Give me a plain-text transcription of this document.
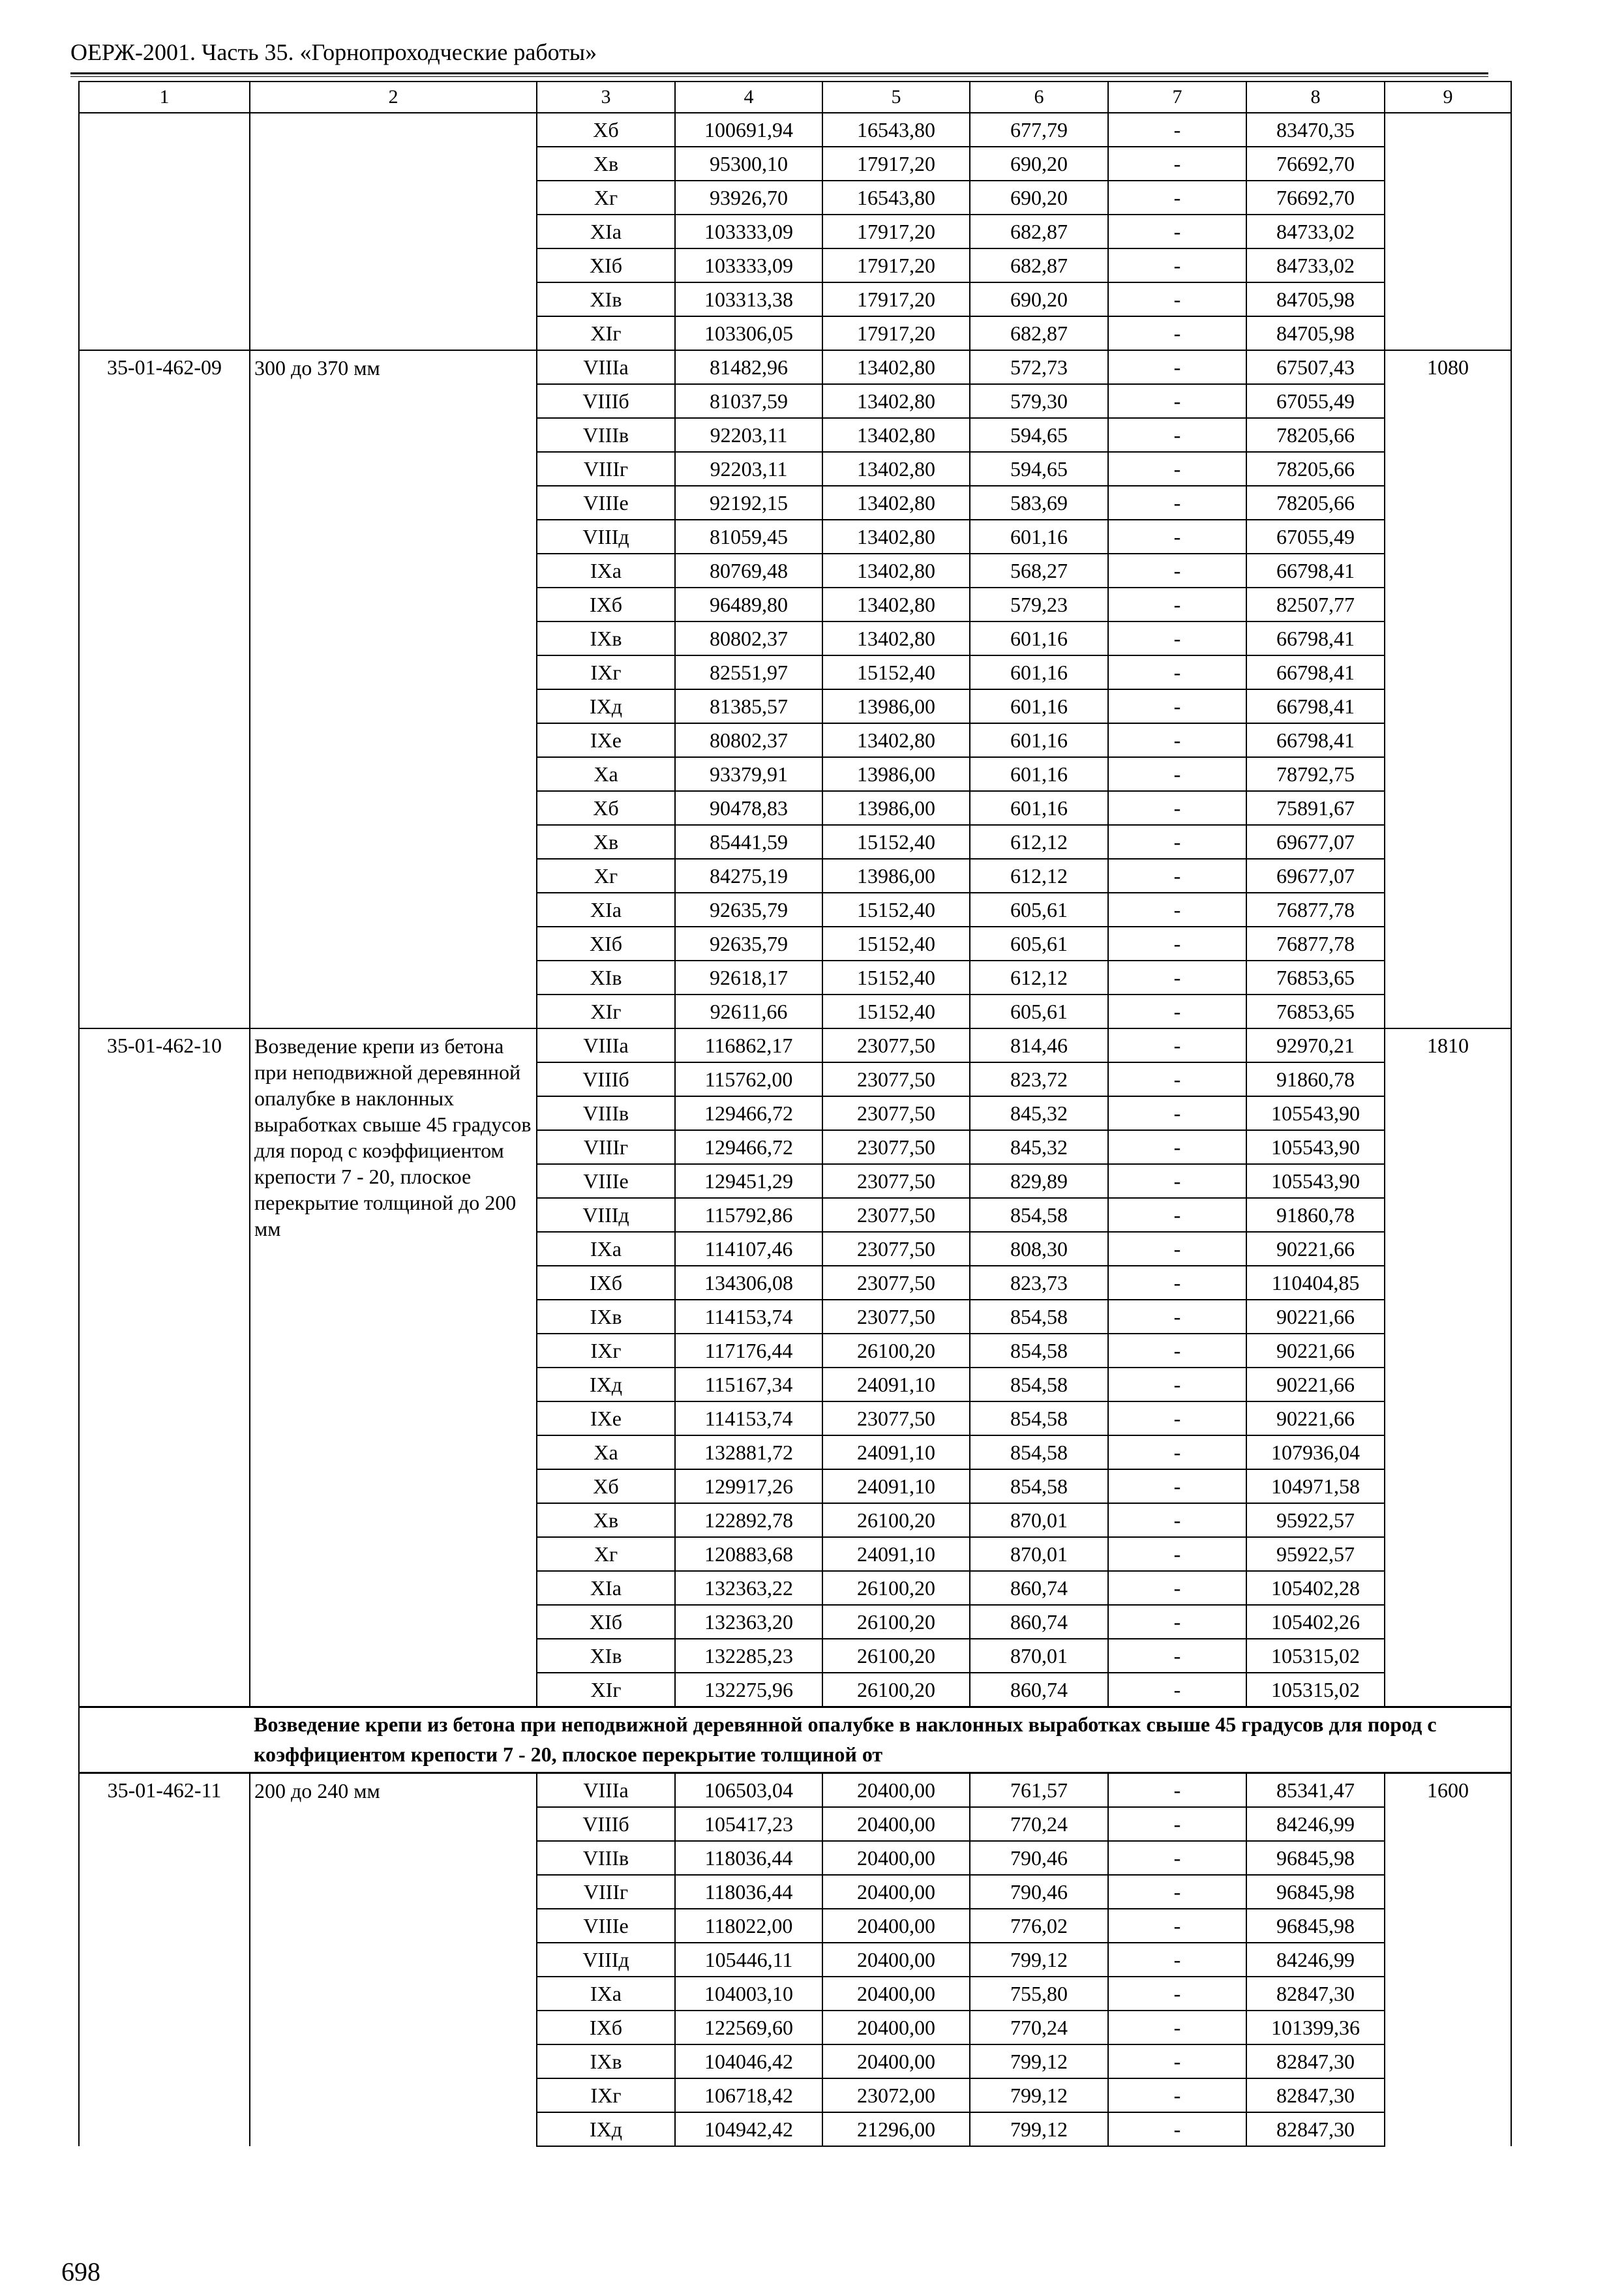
ОЕРЖ-2001. Часть 35. «Горнопроходческие работы»
1	2	3	4	5	6	7	8	9
		Xб	100691,94	16543,80	677,79	-	83470,35	
		Xв	95300,10	17917,20	690,20	-	76692,70	
		Xг	93926,70	16543,80	690,20	-	76692,70	
		XIа	103333,09	17917,20	682,87	-	84733,02	
		XIб	103333,09	17917,20	682,87	-	84733,02	
		XIв	103313,38	17917,20	690,20	-	84705,98	
		XIг	103306,05	17917,20	682,87	-	84705,98	
35-01-462-09	300 до 370 мм	VIIIа	81482,96	13402,80	572,73	-	67507,43	1080
		VIIIб	81037,59	13402,80	579,30	-	67055,49	
		VIIIв	92203,11	13402,80	594,65	-	78205,66	
		VIIIг	92203,11	13402,80	594,65	-	78205,66	
		VIIIе	92192,15	13402,80	583,69	-	78205,66	
		VIIIд	81059,45	13402,80	601,16	-	67055,49	
		IXа	80769,48	13402,80	568,27	-	66798,41	
		IXб	96489,80	13402,80	579,23	-	82507,77	
		IXв	80802,37	13402,80	601,16	-	66798,41	
		IXг	82551,97	15152,40	601,16	-	66798,41	
		IXд	81385,57	13986,00	601,16	-	66798,41	
		IXе	80802,37	13402,80	601,16	-	66798,41	
		Xа	93379,91	13986,00	601,16	-	78792,75	
		Xб	90478,83	13986,00	601,16	-	75891,67	
		Xв	85441,59	15152,40	612,12	-	69677,07	
		Xг	84275,19	13986,00	612,12	-	69677,07	
		XIа	92635,79	15152,40	605,61	-	76877,78	
		XIб	92635,79	15152,40	605,61	-	76877,78	
		XIв	92618,17	15152,40	612,12	-	76853,65	
		XIг	92611,66	15152,40	605,61	-	76853,65	
35-01-462-10	Возведение крепи из бетона при неподвижной деревянной опалубке в наклонных выработках свыше 45 градусов для пород с коэффициентом крепости 7 - 20, плоское перекрытие толщиной до 200 мм	VIIIа	116862,17	23077,50	814,46	-	92970,21	1810
		VIIIб	115762,00	23077,50	823,72	-	91860,78	
		VIIIв	129466,72	23077,50	845,32	-	105543,90	
		VIIIг	129466,72	23077,50	845,32	-	105543,90	
		VIIIе	129451,29	23077,50	829,89	-	105543,90	
		VIIIд	115792,86	23077,50	854,58	-	91860,78	
		IXа	114107,46	23077,50	808,30	-	90221,66	
		IXб	134306,08	23077,50	823,73	-	110404,85	
		IXв	114153,74	23077,50	854,58	-	90221,66	
		IXг	117176,44	26100,20	854,58	-	90221,66	
		IXд	115167,34	24091,10	854,58	-	90221,66	
		IXе	114153,74	23077,50	854,58	-	90221,66	
		Xа	132881,72	24091,10	854,58	-	107936,04	
		Xб	129917,26	24091,10	854,58	-	104971,58	
		Xв	122892,78	26100,20	870,01	-	95922,57	
		Xг	120883,68	24091,10	870,01	-	95922,57	
		XIа	132363,22	26100,20	860,74	-	105402,28	
		XIб	132363,20	26100,20	860,74	-	105402,26	
		XIв	132285,23	26100,20	870,01	-	105315,02	
		XIг	132275,96	26100,20	860,74	-	105315,02	
	Возведение крепи из бетона при неподвижной деревянной опалубке в наклонных выработках свыше 45 градусов для пород с коэффициентом крепости 7 - 20, плоское перекрытие толщиной от							
35-01-462-11	200 до 240 мм	VIIIа	106503,04	20400,00	761,57	-	85341,47	1600
		VIIIб	105417,23	20400,00	770,24	-	84246,99	
		VIIIв	118036,44	20400,00	790,46	-	96845,98	
		VIIIг	118036,44	20400,00	790,46	-	96845,98	
		VIIIе	118022,00	20400,00	776,02	-	96845,98	
		VIIIд	105446,11	20400,00	799,12	-	84246,99	
		IXа	104003,10	20400,00	755,80	-	82847,30	
		IXб	122569,60	20400,00	770,24	-	101399,36	
		IXв	104046,42	20400,00	799,12	-	82847,30	
		IXг	106718,42	23072,00	799,12	-	82847,30	
		IXд	104942,42	21296,00	799,12	-	82847,30	
698
